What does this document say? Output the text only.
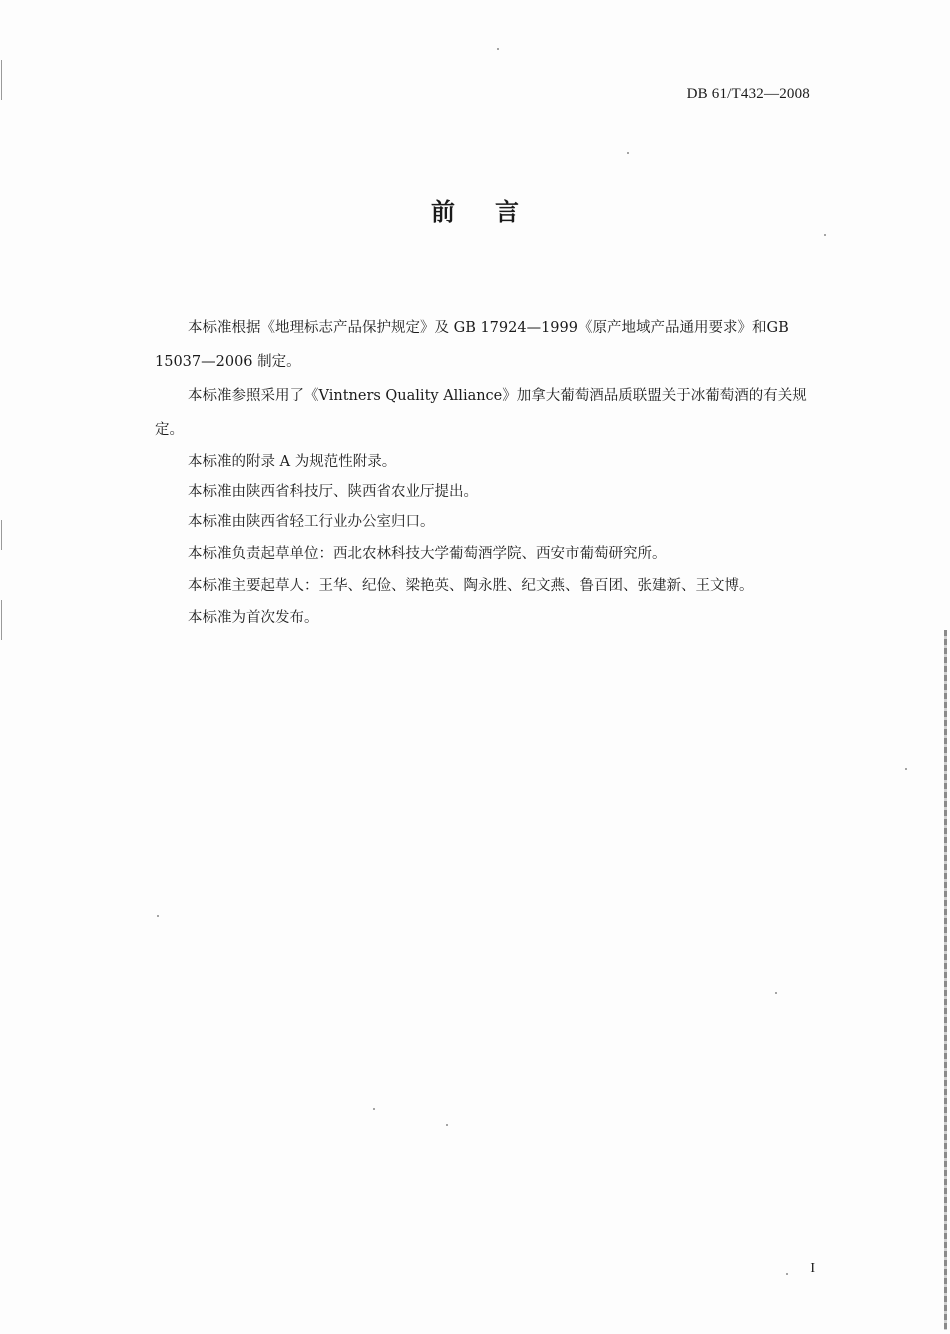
DB 61/T432—2008
前言

本标准根据《地理标志产品保护规定》及 GB 17924—1999《原产地域产品通用要求》和GB 15037—2006 制定。

本标准参照采用了《Vintners Quality Alliance》加拿大葡萄酒品质联盟关于冰葡萄酒的有关规定。

本标准的附录 A 为规范性附录。

本标准由陕西省科技厅、陕西省农业厅提出。

本标准由陕西省轻工行业办公室归口。

本标准负责起草单位：西北农林科技大学葡萄酒学院、西安市葡萄研究所。

本标准主要起草人：王华、纪俭、梁艳英、陶永胜、纪文燕、鲁百团、张建新、王文博。

本标准为首次发布。

I
